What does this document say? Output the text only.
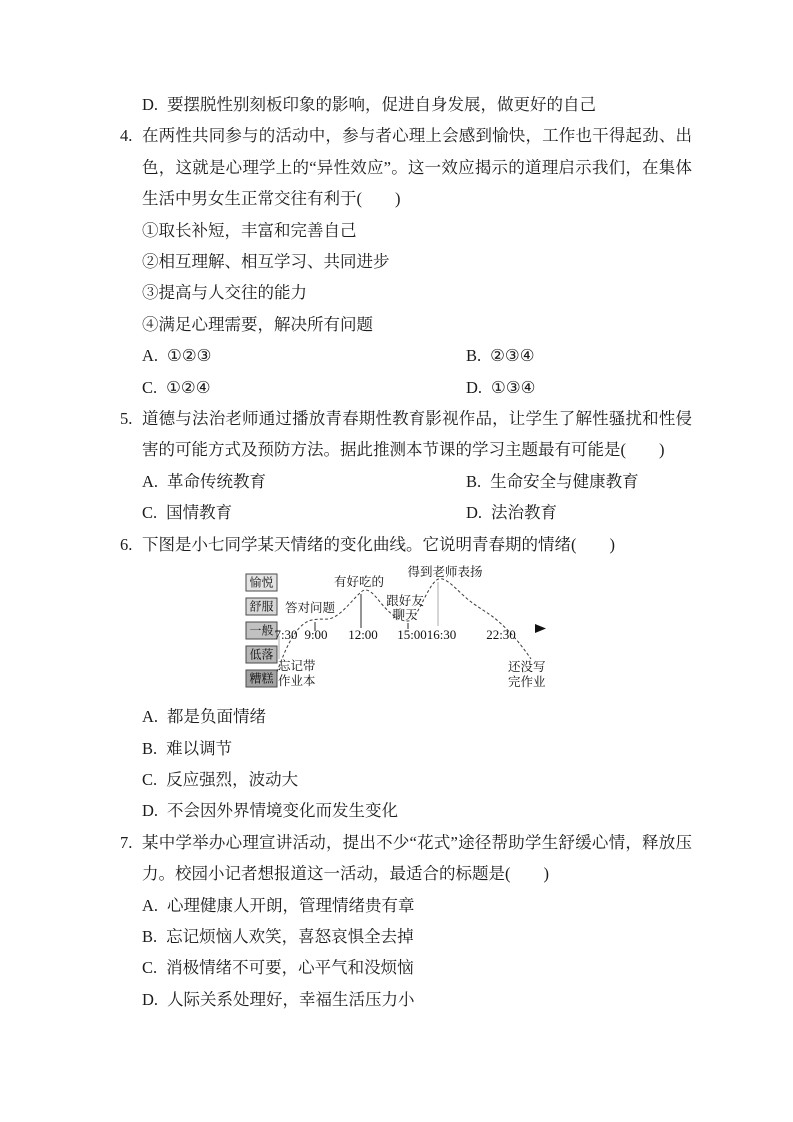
D. 要摆脱性别刻板印象的影响，促进自身发展，做更好的自己
4. 在两性共同参与的活动中，参与者心理上会感到愉快，工作也干得起劲、出色，这就是心理学上的“异性效应”。这一效应揭示的道理启示我们，在集体生活中男女生正常交往有利于(　　)

①取长补短，丰富和完善自己
②相互理解、相互学习、共同进步
③提高与人交往的能力
④满足心理需要，解决所有问题
A. ①②③	B. ②③④
C. ①②④	D. ①③④
5. 道德与法治老师通过播放青春期性教育影视作品，让学生了解性骚扰和性侵害的可能方式及预防方法。据此推测本节课的学习主题最有可能是(　　)

A. 革命传统教育	B. 生命安全与健康教育
C. 国情教育	D. 法治教育
6. 下图是小七同学某天情绪的变化曲线。它说明青春期的情绪(　　)

愉悦
舒服
一般
低落
糟糕
7:30 9:00 12:00 15:00 16:30 22:30
忘记带
作业本
答对问题
有好吃的
跟好友
聊天
得到老师表扬
还没写
完作业
A. 都是负面情绪
B. 难以调节
C. 反应强烈，波动大
D. 不会因外界情境变化而发生变化
7. 某中学举办心理宣讲活动，提出不少“花式”途径帮助学生舒缓心情，释放压力。校园小记者想报道这一活动，最适合的标题是(　　)

A. 心理健康人开朗，管理情绪贵有章
B. 忘记烦恼人欢笑，喜怒哀惧全去掉
C. 消极情绪不可要，心平气和没烦恼
D. 人际关系处理好，幸福生活压力小
